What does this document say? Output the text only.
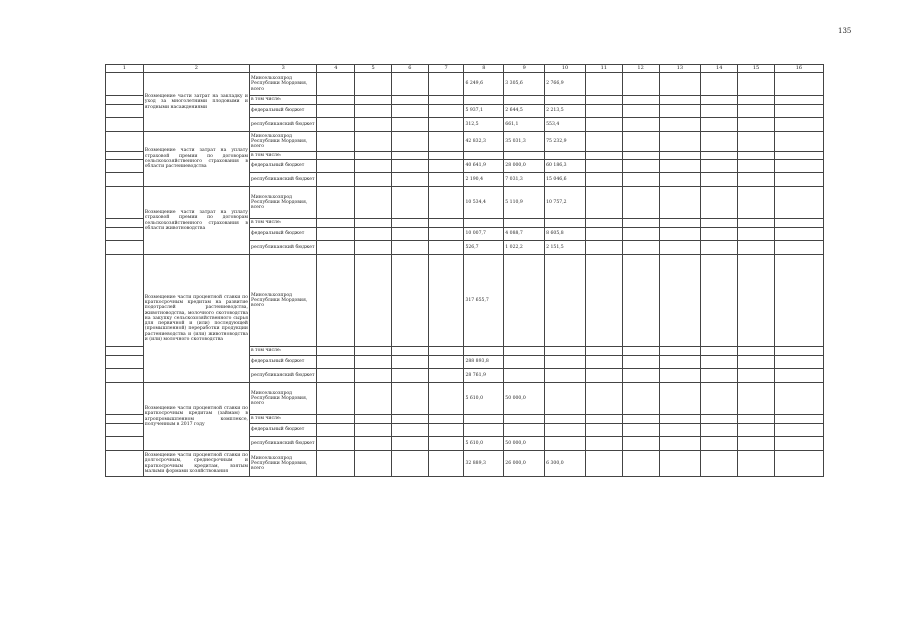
135
1	2	3	4	5	6	7	8	9	10	11	12	13	14	15	16
	Возмещение части затрат на закладку и уход за многолетними плодовыми и ягодными насаждениями	Минсельхозпрод Республики Мордовия, всего					6 249,6	3 305,6	2 766,9						
		в том числе:													
		федеральный бюджет					5 937,1	2 644,5	2 213,5						
		республиканский бюджет					312,5	661,1	553,4						
	Возмещение части затрат на уплату страховой премии по договорам сельскохозяйственного страхования в области растениеводства	Минсельхозпрод Республики Мордовия, всего					42 832,3	35 031,3	75 232,9						
		в том числе:													
		федеральный бюджет					40 641,9	28 000,0	60 186,3						
		республиканский бюджет					2 190,4	7 031,3	15 046,6						
	Возмещение части затрат на уплату страховой премии по договорам сельскохозяйственного страхования в области животноводства	Минсельхозпрод Республики Мордовия, всего					10 534,4	5 110,9	10 757,2						
		в том числе:													
		федеральный бюджет					10 007,7	4 088,7	8 605,8						
		республиканский бюджет					526,7	1 022,2	2 151,5						
	Возмещение части процентной ставки по краткосрочным кредитам на развитие подотраслей растениеводства, животноводства, молочного скотоводства на закупку сельскохозяйственного сырья для первичной и (или) последующей (промышленной) переработки продукции растениеводства и (или) животноводства и (или) молочного скотоводства	Минсельхозпрод Республики Мордовия, всего					317 655,7								
		в том числе:													
		федеральный бюджет					288 893,8								
		республиканский бюджет					28 761,9								
	Возмещение части процентной ставки по краткосрочным кредитам (займам) в агропромышленном комплексе, полученным в 2017 году	Минсельхозпрод Республики Мордовия, всего					5 610,0	50 000,0							
		в том числе:													
		федеральный бюджет													
		республиканский бюджет					5 610,0	50 000,0							
	Возмещение части процентной ставки по долгосрочным, среднесрочным и краткосрочным кредитам, взятым малыми формами хозяйствования	Минсельхозпрод Республики Мордовия, всего					32 889,3	26 000,0	6 300,0						
